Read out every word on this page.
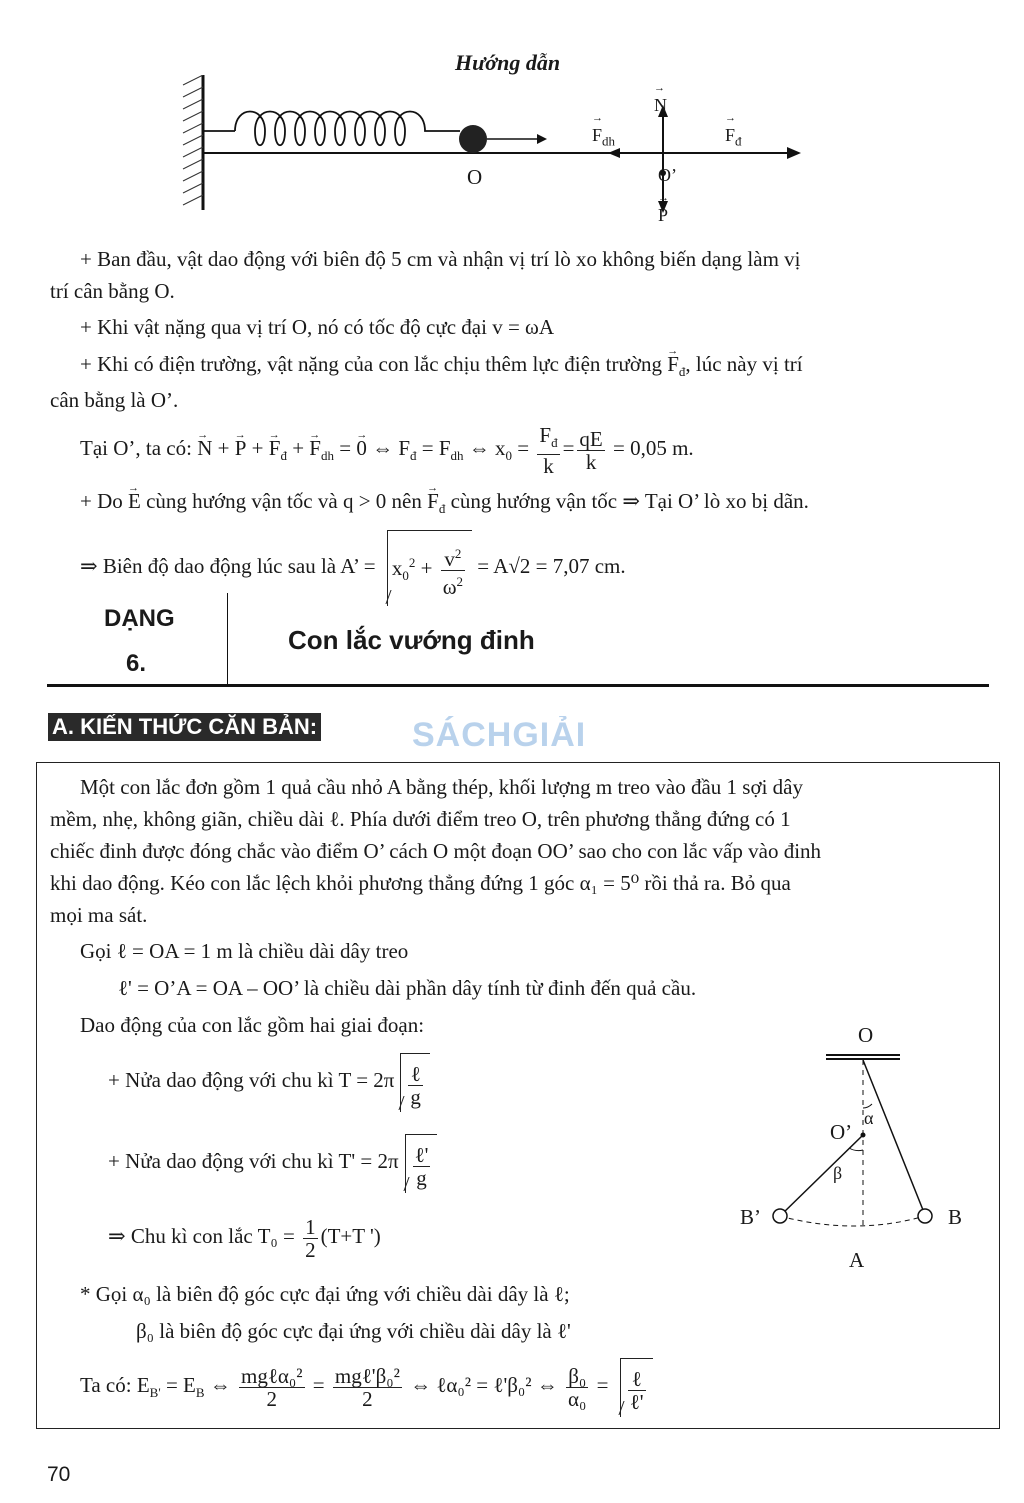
Hướng dẫn
O
→ $F_{dh}$
→ N
→ $F_đ$
O’
→ P
+ Ban đầu, vật dao động với biên độ 5 cm và nhận vị trí lò xo không biến dạng làm vị
trí cân bằng O.
+ Khi vật nặng qua vị trí O, nó có tốc độ cực đại v = ωA
+ Khi có điện trường, vật nặng của con lắc chịu thêm lực điện trường → $F_đ$, lúc này vị trí
cân bằng là O’.
Tại O’, ta có: → N + → P + → $F_đ$ + → $F_{dh}$ = → 0 ⇔ $F_đ = F_{dh}$ ⇔ $x_0 = \frac{F_đ}{k} = \frac{qE}{k} = 0,05$ m.
+ Do → E cùng hướng vận tốc và q > 0 nên → $F_đ$ cùng hướng vận tốc ⇒ Tại O’ lò xo bị dãn.
⇒ Biên độ dao động lúc sau là A’ = $x_0^2 + \frac{v^2}{\omega^2} = A√2 = 7,07$ cm.
DẠNG
6.
Con lắc vướng đinh
A. KIẾN THỨC CĂN BẢN:	SÁCHGIẢI
Một con lắc đơn gồm 1 quả cầu nhỏ A bằng thép, khối lượng m treo vào đầu 1 sợi dây
mềm, nhẹ, không giãn, chiều dài ℓ. Phía dưới điểm treo O, trên phương thẳng đứng có 1
chiếc đinh được đóng chắc vào điểm O’ cách O một đoạn OO’ sao cho con lắc vấp vào đinh
khi dao động. Kéo con lắc lệch khỏi phương thẳng đứng 1 góc α₁ = 5⁰ rồi thả ra. Bỏ qua
mọi ma sát.
Gọi ℓ = OA = 1 m là chiều dài dây treo
ℓ' = O’A = OA – OO’ là chiều dài phần dây tính từ đinh đến quả cầu.
Dao động của con lắc gồm hai giai đoạn:
+ Nửa dao động với chu kì $T = 2\pi \frac{\text{ℓ}}{g}$
+ Nửa dao động với chu kì $T' = 2\pi \frac{\text{ℓ'}}{g}$
⇒ Chu kì con lắc $T_0 = \frac{1}{2} (T+T$ ')
* Gọi α₀ là biên độ góc cực đại ứng với chiều dài dây là ℓ;
β₀ là biên độ góc cực đại ứng với chiều dài dây là ℓ'
Ta có: $E_{B'} = E_B$ ⇔ $\frac{\text{mgℓα₀²}}{2} = \frac{\text{mgℓ'β₀²}}{2}$ ⇔ ℓα₀² = ℓ'β₀² ⇔ $\frac{\text{β₀}}{\text{α₀}} = \frac{\text{ℓ}}{\text{ℓ'}}$
O
O’
α
β
B’	B
A
70
